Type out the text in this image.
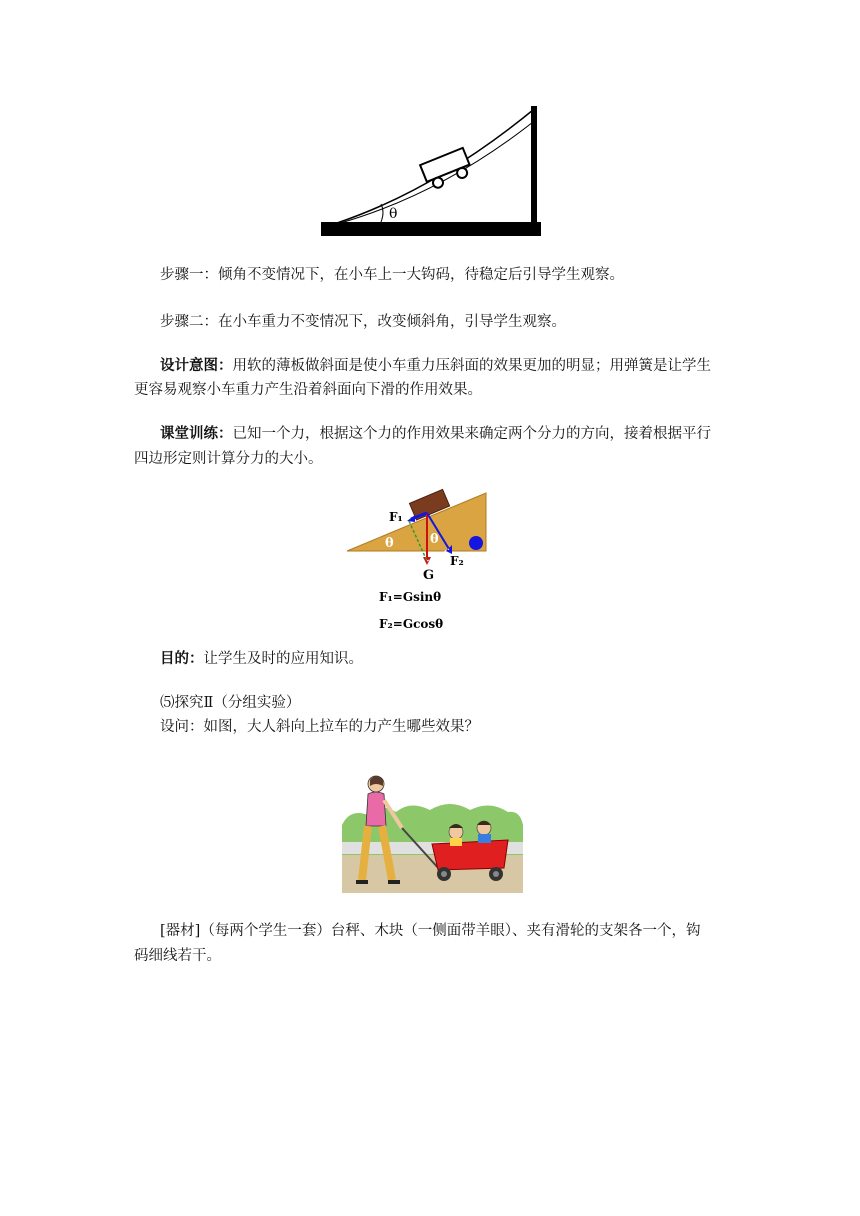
θ
步骤一：倾角不变情况下，在小车上一大钩码，待稳定后引导学生观察。
步骤二：在小车重力不变情况下，改变倾斜角，引导学生观察。
设计意图：用软的薄板做斜面是使小车重力压斜面的效果更加的明显；用弹簧是让学生
更容易观察小车重力产生沿着斜面向下滑的作用效果。
课堂训练：已知一个力，根据这个力的作用效果来确定两个分力的方向，接着根据平行
四边形定则计算分力的大小。
θ	θ
F₁
F₂
G
F₁=Gsinθ
F₂=Gcosθ
目的：让学生及时的应用知识。
⑸探究Ⅱ（分组实验）
设问：如图，大人斜向上拉车的力产生哪些效果？
[器材]（每两个学生一套）台秤、木块（一侧面带羊眼）、夹有滑轮的支架各一个，钩
码细线若干。
